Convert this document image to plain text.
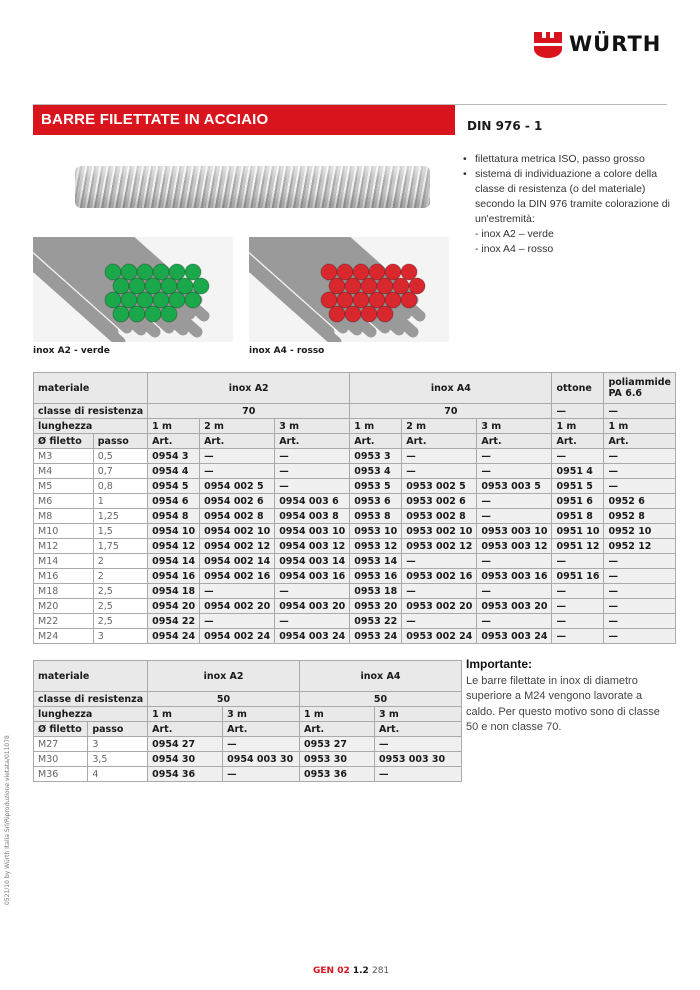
WÜRTH
BARRE FILETTATE IN ACCIAIO	DIN 976 - 1
• filettatura metrica ISO, passo grosso
• sistema di individuazione a colore della classe di resistenza (o del materiale) secondo la DIN 976 tramite colorazione di un'estremità:
- inox A2 – verde
- inox A4 – rosso
inox A2 - verde	inox A4 - rosso
materiale		inox A2			inox A4			ottone	poliammide PA 6.6
classe di resistenza		70			70			—	—
lunghezza		1 m	2 m	3 m	1 m	2 m	3 m	1 m	1 m
Ø filetto	passo	Art.	Art.	Art.	Art.	Art.	Art.	Art.	Art.
M3	0,5	0954 3	—	—	0953 3	—	—	—	—
M4	0,7	0954 4	—	—	0953 4	—	—	0951 4	—
M5	0,8	0954 5	0954 002 5	—	0953 5	0953 002 5	0953 003 5	0951 5	—
M6	1	0954 6	0954 002 6	0954 003 6	0953 6	0953 002 6	—	0951 6	0952 6
M8	1,25	0954 8	0954 002 8	0954 003 8	0953 8	0953 002 8	—	0951 8	0952 8
M10	1,5	0954 10	0954 002 10	0954 003 10	0953 10	0953 002 10	0953 003 10	0951 10	0952 10
M12	1,75	0954 12	0954 002 12	0954 003 12	0953 12	0953 002 12	0953 003 12	0951 12	0952 12
M14	2	0954 14	0954 002 14	0954 003 14	0953 14	—	—	—	—
M16	2	0954 16	0954 002 16	0954 003 16	0953 16	0953 002 16	0953 003 16	0951 16	—
M18	2,5	0954 18	—	—	0953 18	—	—	—	—
M20	2,5	0954 20	0954 002 20	0954 003 20	0953 20	0953 002 20	0953 003 20	—	—
M22	2,5	0954 22	—	—	0953 22	—	—	—	—
M24	3	0954 24	0954 002 24	0954 003 24	0953 24	0953 002 24	0953 003 24	—	—
materiale		inox A2		inox A4	
classe di resistenza		50		50	
lunghezza		1 m	3 m	1 m	3 m
Ø filetto	passo	Art.	Art.	Art.	Art.
M27	3	0954 27	—	0953 27	—
M30	3,5	0954 30	0954 003 30	0953 30	0953 003 30
M36	4	0954 36	—	0953 36	—
Importante:
Le barre filettate in inox di diametro superiore a M24 vengono lavorate a caldo. Per questo motivo sono di classe 50 e non classe 70.
0521/10 by Würth Italia Srl/Riproduzione vietata/011078
GEN 02 1.2 281
